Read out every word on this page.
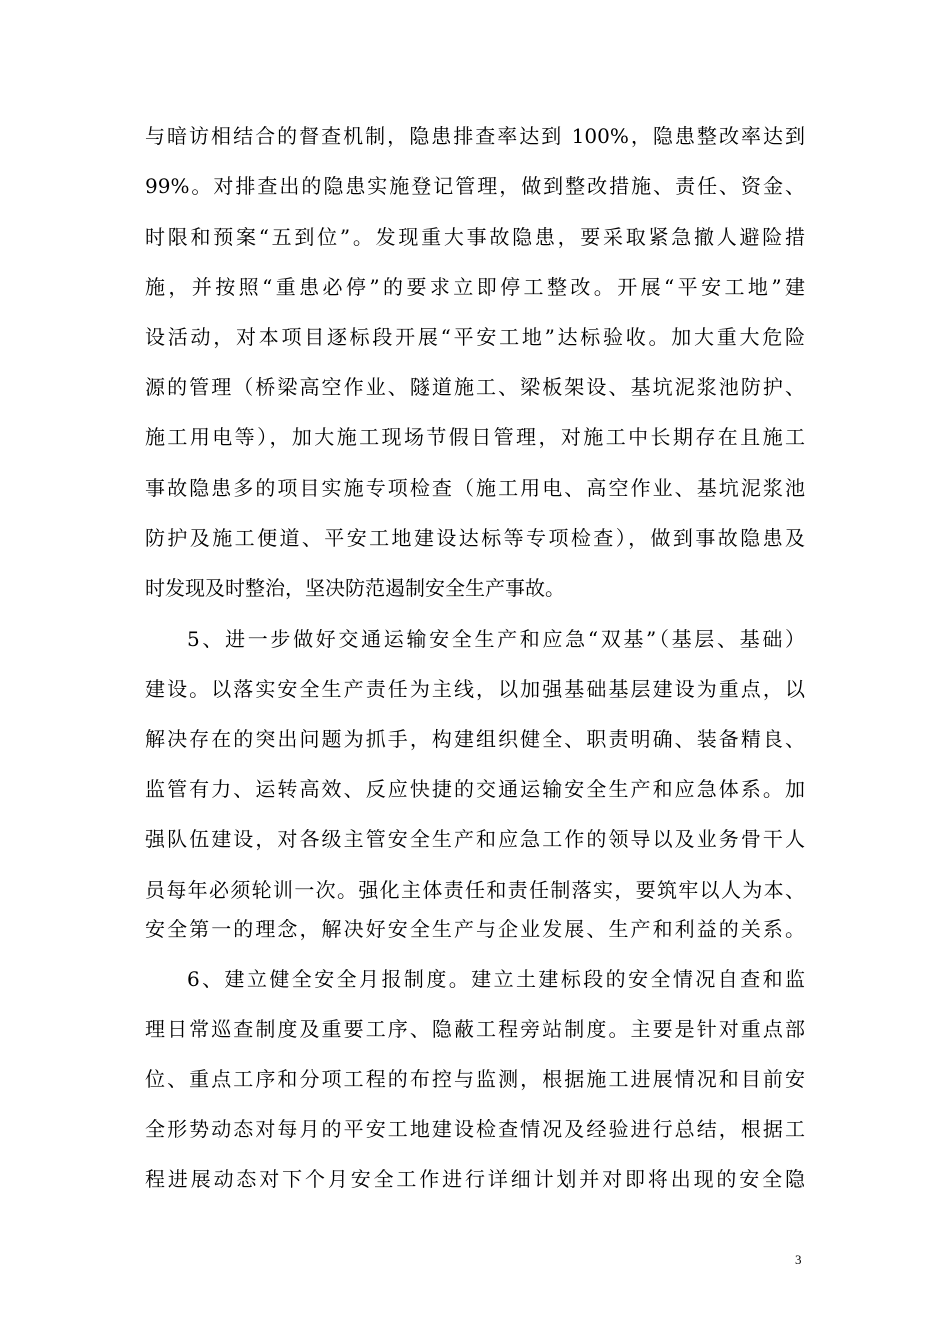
与暗访相结合的督查机制，隐患排查率达到 100%，隐患整改率达到
99%。对排查出的隐患实施登记管理，做到整改措施、责任、资金、
时限和预案“五到位”。发现重大事故隐患，要采取紧急撤人避险措
施，并按照“重患必停”的要求立即停工整改。开展“平安工地”建
设活动，对本项目逐标段开展“平安工地”达标验收。加大重大危险
源的管理（桥梁高空作业、隧道施工、梁板架设、基坑泥浆池防护、
施工用电等），加大施工现场节假日管理，对施工中长期存在且施工
事故隐患多的项目实施专项检查（施工用电、高空作业、基坑泥浆池
防护及施工便道、平安工地建设达标等专项检查），做到事故隐患及
时发现及时整治，坚决防范遏制安全生产事故。
5、进一步做好交通运输安全生产和应急“双基”（基层、基础）
建设。以落实安全生产责任为主线，以加强基础基层建设为重点，以
解决存在的突出问题为抓手，构建组织健全、职责明确、装备精良、
监管有力、运转高效、反应快捷的交通运输安全生产和应急体系。加
强队伍建设，对各级主管安全生产和应急工作的领导以及业务骨干人
员每年必须轮训一次。强化主体责任和责任制落实，要筑牢以人为本、
安全第一的理念，解决好安全生产与企业发展、生产和利益的关系。
6、建立健全安全月报制度。建立土建标段的安全情况自查和监
理日常巡查制度及重要工序、隐蔽工程旁站制度。主要是针对重点部
位、重点工序和分项工程的布控与监测，根据施工进展情况和目前安
全形势动态对每月的平安工地建设检查情况及经验进行总结，根据工
程进展动态对下个月安全工作进行详细计划并对即将出现的安全隐
3
